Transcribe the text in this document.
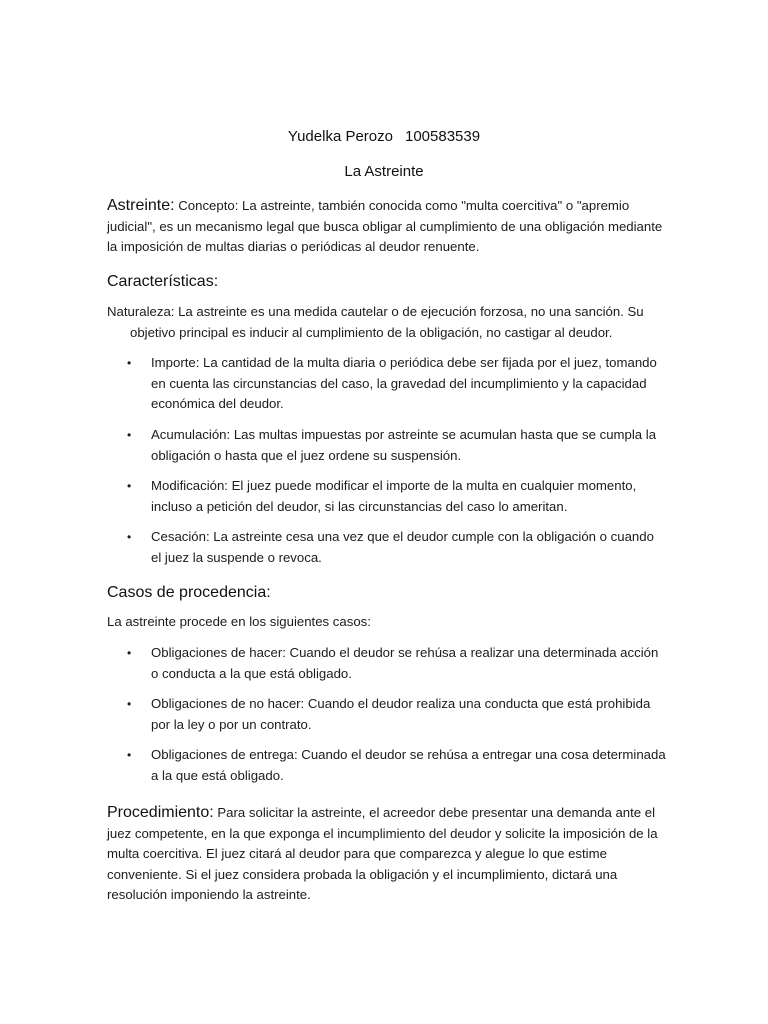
Yudelka Perozo 100583539
La Astreinte
Astreinte: Concepto: La astreinte, también conocida como "multa coercitiva" o "apremio judicial", es un mecanismo legal que busca obligar al cumplimiento de una obligación mediante la imposición de multas diarias o periódicas al deudor renuente.
Características:
Naturaleza: La astreinte es una medida cautelar o de ejecución forzosa, no una sanción. Su objetivo principal es inducir al cumplimiento de la obligación, no castigar al deudor.
•	Importe: La cantidad de la multa diaria o periódica debe ser fijada por el juez, tomando en cuenta las circunstancias del caso, la gravedad del incumplimiento y la capacidad económica del deudor.
•	Acumulación: Las multas impuestas por astreinte se acumulan hasta que se cumpla la obligación o hasta que el juez ordene su suspensión.
•	Modificación: El juez puede modificar el importe de la multa en cualquier momento, incluso a petición del deudor, si las circunstancias del caso lo ameritan.
•	Cesación: La astreinte cesa una vez que el deudor cumple con la obligación o cuando el juez la suspende o revoca.
Casos de procedencia:
La astreinte procede en los siguientes casos:
•	Obligaciones de hacer: Cuando el deudor se rehúsa a realizar una determinada acción o conducta a la que está obligado.
•	Obligaciones de no hacer: Cuando el deudor realiza una conducta que está prohibida por la ley o por un contrato.
•	Obligaciones de entrega: Cuando el deudor se rehúsa a entregar una cosa determinada a la que está obligado.
Procedimiento: Para solicitar la astreinte, el acreedor debe presentar una demanda ante el juez competente, en la que exponga el incumplimiento del deudor y solicite la imposición de la multa coercitiva. El juez citará al deudor para que comparezca y alegue lo que estime conveniente. Si el juez considera probada la obligación y el incumplimiento, dictará una resolución imponiendo la astreinte.
